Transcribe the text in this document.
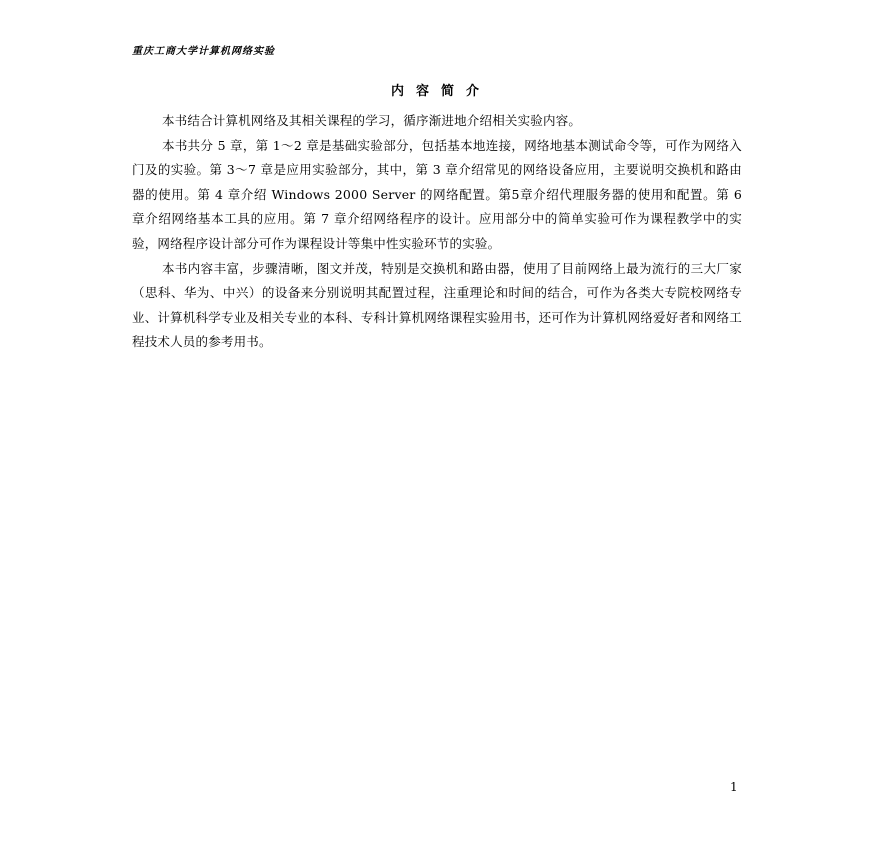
重庆工商大学计算机网络实验
内容简介

本书结合计算机网络及其相关课程的学习，循序渐进地介绍相关实验内容。

本书共分 5 章，第 1～2 章是基础实验部分，包括基本地连接，网络地基本测试命令等，可作为网络入门及的实验。第 3～7 章是应用实验部分，其中，第 3 章介绍常见的网络设备应用，主要说明交换机和路由器的使用。第 4 章介绍 Windows 2000 Server 的网络配置。第5章介绍代理服务器的使用和配置。第 6 章介绍网络基本工具的应用。第 7 章介绍网络程序的设计。应用部分中的简单实验可作为课程教学中的实验，网络程序设计部分可作为课程设计等集中性实验环节的实验。

本书内容丰富，步骤清晰，图文并茂，特别是交换机和路由器，使用了目前网络上最为流行的三大厂家（思科、华为、中兴）的设备来分别说明其配置过程，注重理论和时间的结合，可作为各类大专院校网络专业、计算机科学专业及相关专业的本科、专科计算机网络课程实验用书，还可作为计算机网络爱好者和网络工程技术人员的参考用书。

1
